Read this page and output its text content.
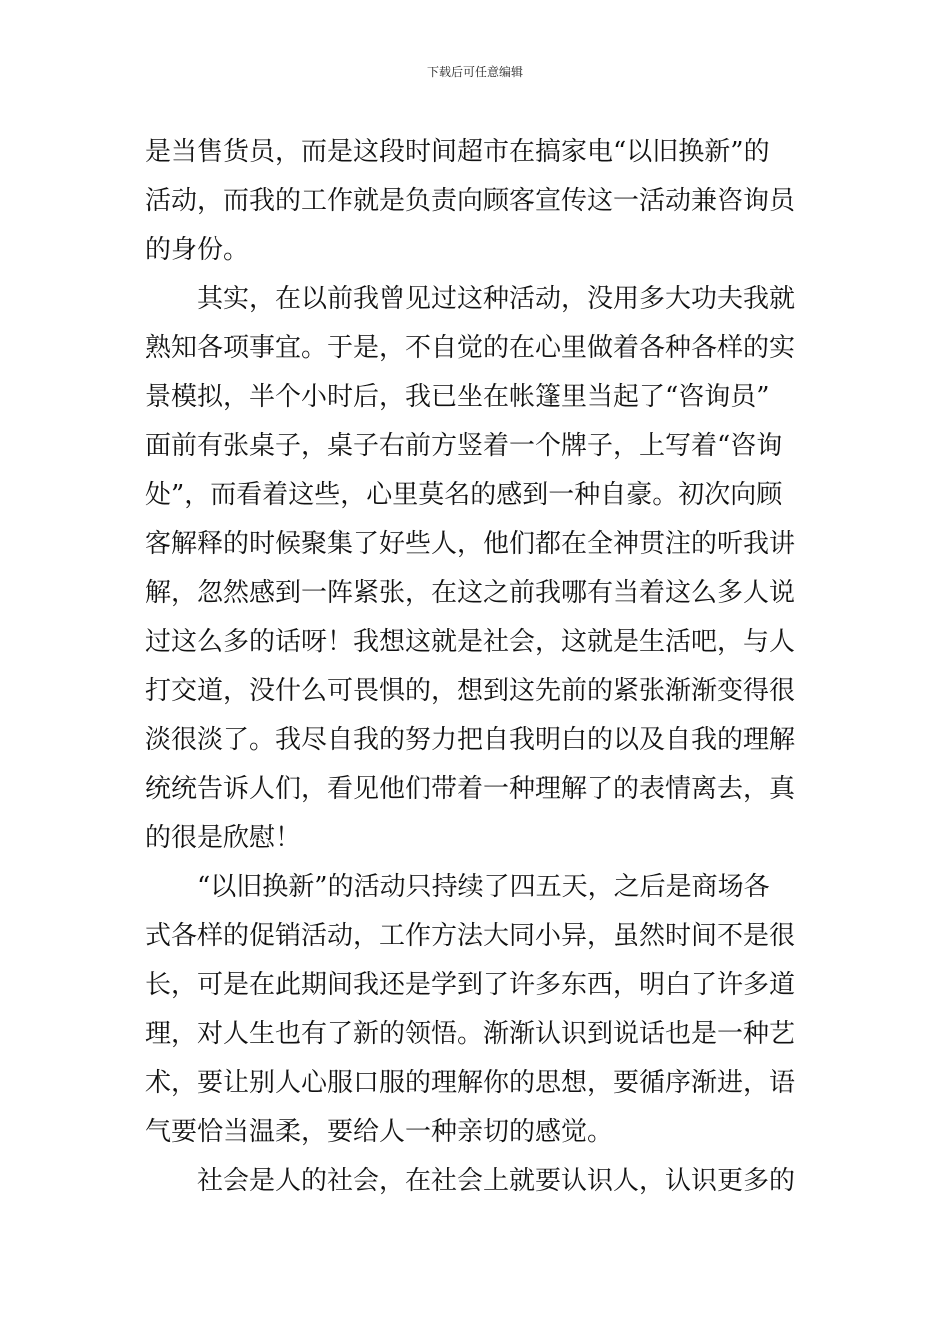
下载后可任意编辑
是当售货员，而是这段时间超市在搞家电“以旧换新”的
活动，而我的工作就是负责向顾客宣传这一活动兼咨询员
的身份。
其实，在以前我曾见过这种活动，没用多大功夫我就
熟知各项事宜。于是，不自觉的在心里做着各种各样的实
景模拟，半个小时后，我已坐在帐篷里当起了“咨询员”
面前有张桌子，桌子右前方竖着一个牌子，上写着“咨询
处”，而看着这些，心里莫名的感到一种自豪。初次向顾
客解释的时候聚集了好些人，他们都在全神贯注的听我讲
解，忽然感到一阵紧张，在这之前我哪有当着这么多人说
过这么多的话呀！我想这就是社会，这就是生活吧，与人
打交道，没什么可畏惧的，想到这先前的紧张渐渐变得很
淡很淡了。我尽自我的努力把自我明白的以及自我的理解
统统告诉人们，看见他们带着一种理解了的表情离去，真
的很是欣慰！
“以旧换新”的活动只持续了四五天，之后是商场各
式各样的促销活动，工作方法大同小异，虽然时间不是很
长，可是在此期间我还是学到了许多东西，明白了许多道
理，对人生也有了新的领悟。渐渐认识到说话也是一种艺
术，要让别人心服口服的理解你的思想，要循序渐进，语
气要恰当温柔，要给人一种亲切的感觉。
社会是人的社会，在社会上就要认识人，认识更多的
